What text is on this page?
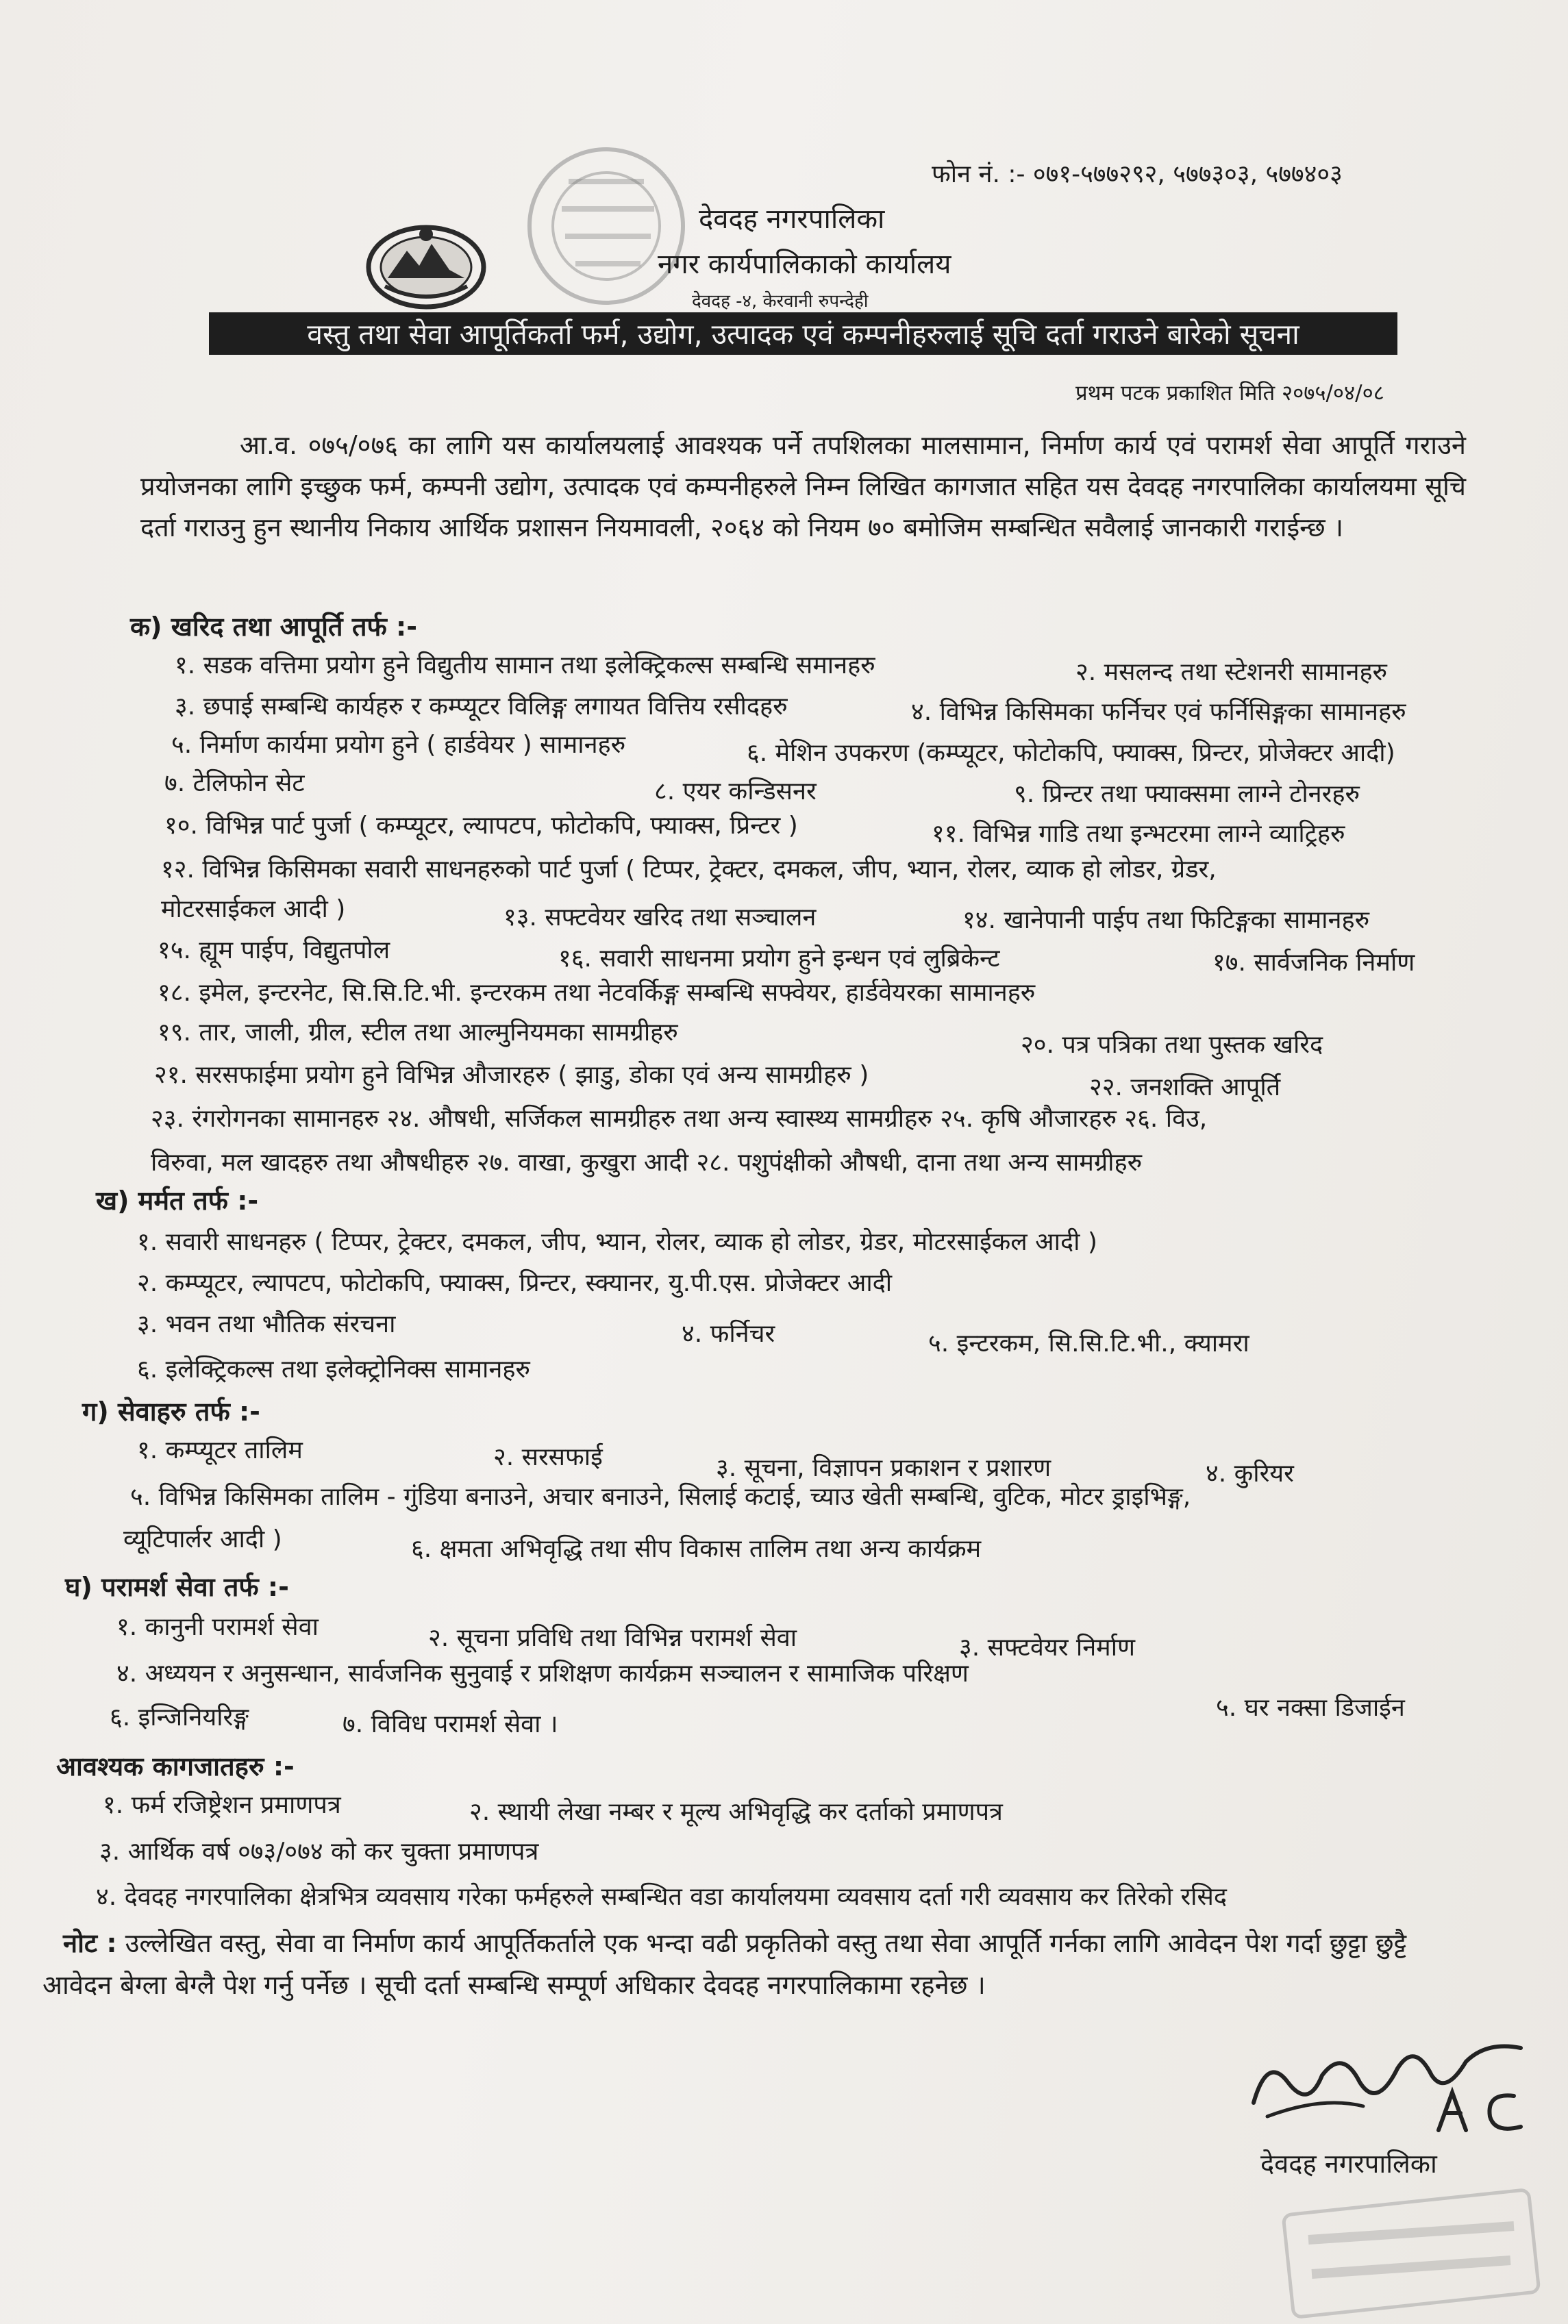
फोन नं. :- ०७१-५७७२९२, ५७७३०३, ५७७४०३
देवदह नगरपालिका
नगर कार्यपालिकाको कार्यालय
देवदह -४, केरवानी रुपन्देही
वस्तु तथा सेवा आपूर्तिकर्ता फर्म, उद्योग, उत्पादक एवं कम्पनीहरुलाई सूचि दर्ता गराउने बारेको सूचना
प्रथम पटक प्रकाशित मिति २०७५/०४/०८
आ.व. ०७५/०७६ का लागि यस कार्यालयलाई आवश्यक पर्ने तपशिलका मालसामान, निर्माण कार्य एवं परामर्श सेवा आपूर्ति गराउने प्रयोजनका लागि इच्छुक फर्म, कम्पनी उद्योग, उत्पादक एवं कम्पनीहरुले निम्न लिखित कागजात सहित यस देवदह नगरपालिका कार्यालयमा सूचि दर्ता गराउनु हुन स्थानीय निकाय आर्थिक प्रशासन नियमावली, २०६४ को नियम ७० बमोजिम सम्बन्धित सवैलाई जानकारी गराईन्छ ।
क) खरिद तथा आपूर्ति तर्फ :-
१. सडक वत्तिमा प्रयोग हुने विद्युतीय सामान तथा इलेक्ट्रिकल्स सम्बन्धि समानहरु	२. मसलन्द तथा स्टेशनरी सामानहरु
३. छपाई सम्बन्धि कार्यहरु र कम्प्यूटर विलिङ्ग लगायत वित्तिय रसीदहरु	४. विभिन्न किसिमका फर्निचर एवं फर्निसिङ्गका सामानहरु
५. निर्माण कार्यमा प्रयोग हुने ( हार्डवेयर ) सामानहरु	६. मेशिन उपकरण (कम्प्यूटर, फोटोकपि, फ्याक्स, प्रिन्टर, प्रोजेक्टर आदी)
७. टेलिफोन सेट	८. एयर कन्डिसनर	९. प्रिन्टर तथा फ्याक्समा लाग्ने टोनरहरु
१०. विभिन्न पार्ट पुर्जा ( कम्प्यूटर, ल्यापटप, फोटोकपि, फ्याक्स, प्रिन्टर )	११. विभिन्न गाडि तथा इन्भटरमा लाग्ने व्याट्रिहरु
१२. विभिन्न किसिमका सवारी साधनहरुको पार्ट पुर्जा ( टिप्पर, ट्रेक्टर, दमकल, जीप, भ्यान, रोलर, व्याक हो लोडर, ग्रेडर,
मोटरसाईकल आदी )	१३. सफ्टवेयर खरिद तथा सञ्चालन	१४. खानेपानी पाईप तथा फिटिङ्गका सामानहरु
१५. ह्यूम पाईप, विद्युतपोल	१६. सवारी साधनमा प्रयोग हुने इन्धन एवं लुब्रिकेन्ट	१७. सार्वजनिक निर्माण
१८. इमेल, इन्टरनेट, सि.सि.टि.भी. इन्टरकम तथा नेटवर्किङ्ग सम्बन्धि सफ्वेयर, हार्डवेयरका सामानहरु
१९. तार, जाली, ग्रील, स्टील तथा आल्मुनियमका सामग्रीहरु	२०. पत्र पत्रिका तथा पुस्तक खरिद
२१. सरसफाईमा प्रयोग हुने विभिन्न औजारहरु ( झाडु, डोका एवं अन्य सामग्रीहरु )	२२. जनशक्ति आपूर्ति
२३. रंगरोगनका सामानहरु २४. औषधी, सर्जिकल सामग्रीहरु तथा अन्य स्वास्थ्य सामग्रीहरु २५. कृषि औजारहरु २६. विउ,
विरुवा, मल खादहरु तथा औषधीहरु २७. वाखा, कुखुरा आदी २८. पशुपंक्षीको औषधी, दाना तथा अन्य सामग्रीहरु
ख) मर्मत तर्फ :-
१. सवारी साधनहरु ( टिप्पर, ट्रेक्टर, दमकल, जीप, भ्यान, रोलर, व्याक हो लोडर, ग्रेडर, मोटरसाईकल आदी )
२. कम्प्यूटर, ल्यापटप, फोटोकपि, फ्याक्स, प्रिन्टर, स्क्यानर, यु.पी.एस. प्रोजेक्टर आदी
३. भवन तथा भौतिक संरचना	४. फर्निचर	५. इन्टरकम, सि.सि.टि.भी., क्यामरा
६. इलेक्ट्रिकल्स तथा इलेक्ट्रोनिक्स सामानहरु
ग) सेवाहरु तर्फ :-
१. कम्प्यूटर तालिम	२. सरसफाई	३. सूचना, विज्ञापन प्रकाशन र प्रशारण	४. कुरियर
५. विभिन्न किसिमका तालिम - गुंडिया बनाउने, अचार बनाउने, सिलाई कटाई, च्याउ खेती सम्बन्धि, वुटिक, मोटर ड्राइभिङ्ग,
व्यूटिपार्लर आदी )	६. क्षमता अभिवृद्धि तथा सीप विकास तालिम तथा अन्य कार्यक्रम
घ) परामर्श सेवा तर्फ :-
१. कानुनी परामर्श सेवा	२. सूचना प्रविधि तथा विभिन्न परामर्श सेवा	३. सफ्टवेयर निर्माण
४. अध्ययन र अनुसन्धान, सार्वजनिक सुनुवाई र प्रशिक्षण कार्यक्रम सञ्चालन र सामाजिक परिक्षण
५. घर नक्सा डिजाईन
६. इन्जिनियरिङ्ग	७. विविध परामर्श सेवा ।
आवश्यक कागजातहरु :-
१. फर्म रजिष्ट्रेशन प्रमाणपत्र	२. स्थायी लेखा नम्बर र मूल्य अभिवृद्धि कर दर्ताको प्रमाणपत्र
३. आर्थिक वर्ष ०७३/०७४ को कर चुक्ता प्रमाणपत्र
४. देवदह नगरपालिका क्षेत्रभित्र व्यवसाय गरेका फर्महरुले सम्बन्धित वडा कार्यालयमा व्यवसाय दर्ता गरी व्यवसाय कर तिरेको रसिद
नोट : उल्लेखित वस्तु, सेवा वा निर्माण कार्य आपूर्तिकर्ताले एक भन्दा वढी प्रकृतिको वस्तु तथा सेवा आपूर्ति गर्नका लागि आवेदन पेश गर्दा छुट्टा छुट्टै आवेदन बेग्ला बेग्लै पेश गर्नु पर्नेछ । सूची दर्ता सम्बन्धि सम्पूर्ण अधिकार देवदह नगरपालिकामा रहनेछ ।
देवदह नगरपालिका
